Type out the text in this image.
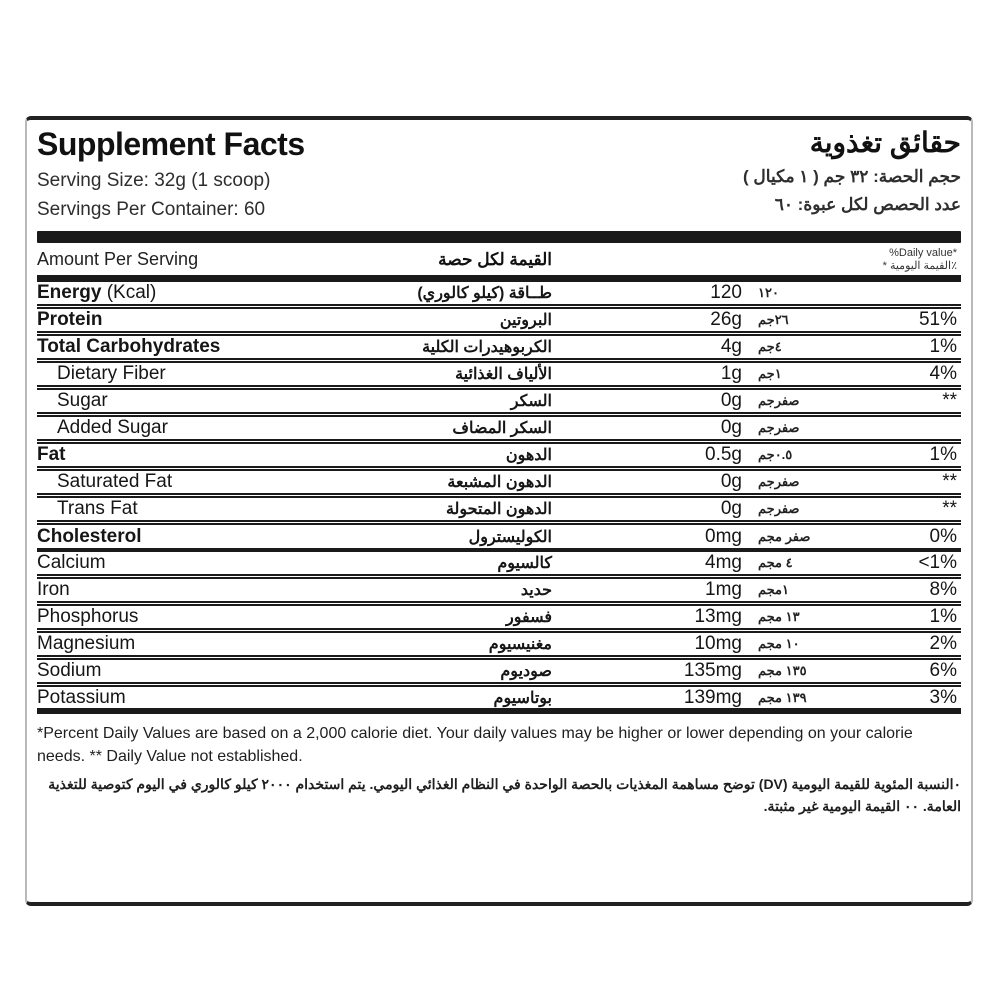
Supplement Facts
Serving Size: 32g (1 scoop)
Servings Per Container: 60
حقائق تغذوية
حجم الحصة: ٣٢ جم ( ١ مكيال )
عدد الحصص لكل عبوة: ٦٠
Amount Per Serving	القيمة لكل حصة	%Daily value*
٪القيمة اليومية *
Energy (Kcal)	طــاقة (كيلو كالوري)	120	١٢٠
Protein	البروتين	26g	٢٦جم	51%
Total Carbohydrates	الكربوهيدرات الكلية	4g	٤جم	1%
Dietary Fiber	الألياف الغذائية	1g	١جم	4%
Sugar	السكر	0g	صفرجم	**
Added Sugar	السكر المضاف	0g	صفرجم
Fat	الدهون	0.5g	٠.٥جم	1%
Saturated Fat	الدهون المشبعة	0g	صفرجم	**
Trans Fat	الدهون المتحولة	0g	صفرجم	**
Cholesterol	الكوليسترول	0mg	صفر مجم	0%
Calcium	كالسيوم	4mg	٤ مجم	<1%
Iron	حديد	1mg	١مجم	8%
Phosphorus	فسفور	13mg	١٣ مجم	1%
Magnesium	مغنيسيوم	10mg	١٠ مجم	2%
Sodium	صوديوم	135mg	١٣٥ مجم	6%
Potassium	بوتاسيوم	139mg	١٣٩ مجم	3%
*Percent Daily Values are based on a 2,000 calorie diet. Your daily values may be higher or lower depending on your calorie needs. ** Daily Value not established.
٠النسبة المئوية للقيمة اليومية (DV) توضح مساهمة المغذيات بالحصة الواحدة في النظام الغذائي اليومي. يتم استخدام ٢٠٠٠ كيلو كالوري في اليوم كتوصية للتغذية العامة. ٠٠ القيمة اليومية غير مثبتة.
